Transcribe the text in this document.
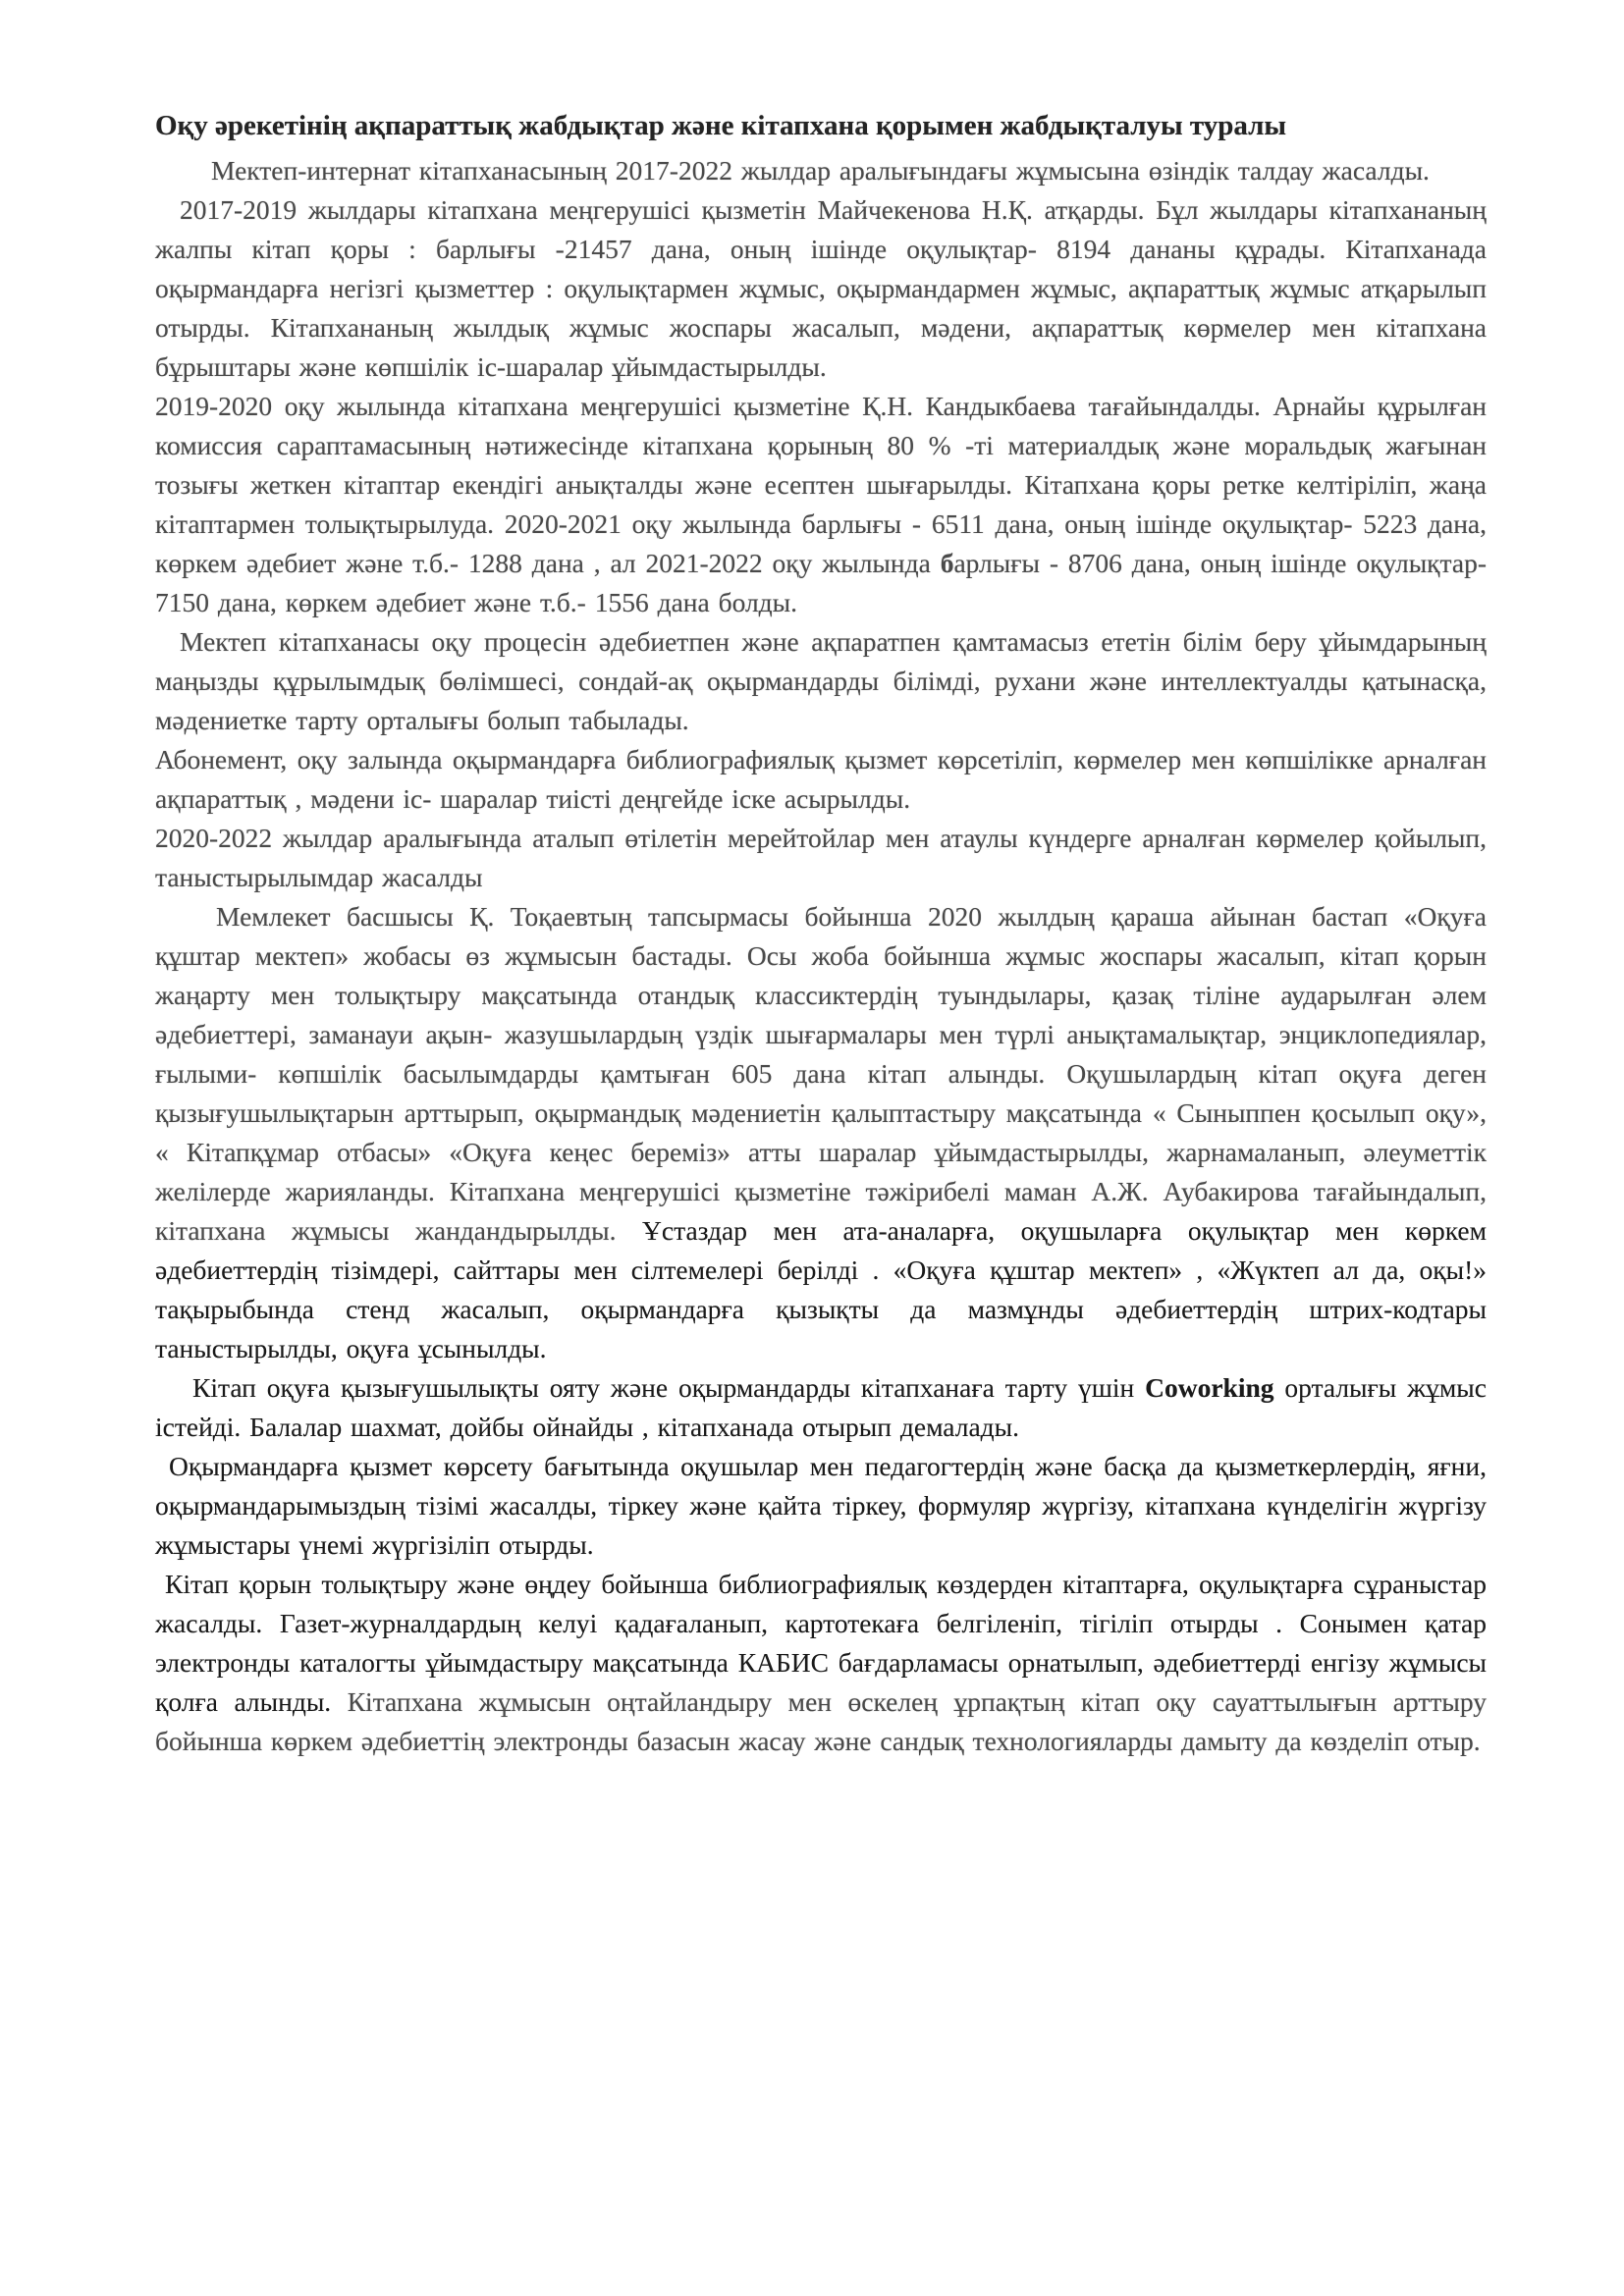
Оқу әрекетінің ақпараттық жабдықтар және кітапхана қорымен жабдықталуы туралы

Мектеп-интернат кітапханасының 2017-2022 жылдар аралығындағы жұмысына өзіндік талдау жасалды.

2017-2019 жылдары кітапхана меңгерушісі қызметін Майчекенова Н.Қ. атқарды. Бұл жылдары кітапхананың жалпы кітап қоры : барлығы -21457 дана, оның ішінде оқулықтар- 8194 дананы құрады. Кітапханада оқырмандарға негізгі қызметтер : оқулықтармен жұмыс, оқырмандармен жұмыс, ақпараттық жұмыс атқарылып отырды. Кітапхананың жылдық жұмыс жоспары жасалып, мәдени, ақпараттық көрмелер мен кітапхана бұрыштары және көпшілік іс-шаралар ұйымдастырылды.

2019-2020 оқу жылында кітапхана меңгерушісі қызметіне Қ.Н. Кандыкбаева тағайындалды. Арнайы құрылған комиссия сараптамасының нәтижесінде кітапхана қорының 80 % -ті материалдық және моральдық жағынан тозығы жеткен кітаптар екендігі анықталды және есептен шығарылды. Кітапхана қоры ретке келтіріліп, жаңа кітаптармен толықтырылуда. 2020-2021 оқу жылында барлығы - 6511 дана, оның ішінде оқулықтар- 5223 дана, көркем әдебиет және т.б.- 1288 дана , ал 2021-2022 оқу жылында барлығы - 8706 дана, оның ішінде оқулықтар- 7150 дана, көркем әдебиет және т.б.- 1556 дана болды.

Мектеп кітапханасы оқу процесін әдебиетпен және ақпаратпен қамтамасыз ететін білім беру ұйымдарының маңызды құрылымдық бөлімшесі, сондай-ақ оқырмандарды білімді, рухани және интеллектуалды қатынасқа, мәдениетке тарту орталығы болып табылады.

Абонемент, оқу залында оқырмандарға библиографиялық қызмет көрсетіліп, көрмелер мен көпшілікке арналған ақпараттық , мәдени іс- шаралар тиісті деңгейде іске асырылды.

2020-2022 жылдар аралығында аталып өтілетін мерейтойлар мен атаулы күндерге арналған көрмелер қойылып, таныстырылымдар жасалды

Мемлекет басшысы Қ. Тоқаевтың тапсырмасы бойынша 2020 жылдың қараша айынан бастап «Оқуға құштар мектеп» жобасы өз жұмысын бастады. Осы жоба бойынша жұмыс жоспары жасалып, кітап қорын жаңарту мен толықтыру мақсатында отандық классиктердің туындылары, қазақ тіліне аударылған әлем әдебиеттері, заманауи ақын- жазушылардың үздік шығармалары мен түрлі анықтамалықтар, энциклопедиялар, ғылыми- көпшілік басылымдарды қамтыған 605 дана кітап алынды. Оқушылардың кітап оқуға деген қызығушылықтарын арттырып, оқырмандық мәдениетін қалыптастыру мақсатында « Сыныппен қосылып оқу», « Кітапқұмар отбасы» «Оқуға кеңес береміз» атты шаралар ұйымдастырылды, жарнамаланып, әлеуметтік желілерде жарияланды. Кітапхана меңгерушісі қызметіне тәжірибелі маман А.Ж. Аубакирова тағайындалып, кітапхана жұмысы жандандырылды. Ұстаздар мен ата-аналарға, оқушыларға оқулықтар мен көркем әдебиеттердің тізімдері, сайттары мен сілтемелері берілді . «Оқуға құштар мектеп» , «Жүктеп ал да, оқы!» тақырыбында стенд жасалып, оқырмандарға қызықты да мазмұнды әдебиеттердің штрих-кодтары таныстырылды, оқуға ұсынылды.

Кітап оқуға қызығушылықты ояту және оқырмандарды кітапханаға тарту үшін Coworking орталығы жұмыс істейді. Балалар шахмат, дойбы ойнайды , кітапханада отырып демалады.

Оқырмандарға қызмет көрсету бағытында оқушылар мен педагогтердің және басқа да қызметкерлердің, яғни, оқырмандарымыздың тізімі жасалды, тіркеу және қайта тіркеу, формуляр жүргізу, кітапхана күнделігін жүргізу жұмыстары үнемі жүргізіліп отырды.

Кітап қорын толықтыру және өңдеу бойынша библиографиялық көздерден кітаптарға, оқулықтарға сұраныстар жасалды. Газет-журналдардың келуі қадағаланып, картотекаға белгіленіп, тігіліп отырды . Сонымен қатар электронды каталогты ұйымдастыру мақсатында КАБИС бағдарламасы орнатылып, әдебиеттерді енгізу жұмысы қолға алынды. Кітапхана жұмысын оңтайландыру мен өскелең ұрпақтың кітап оқу сауаттылығын арттыру бойынша көркем әдебиеттің электронды базасын жасау және сандық технологияларды дамыту да көзделіп отыр.
